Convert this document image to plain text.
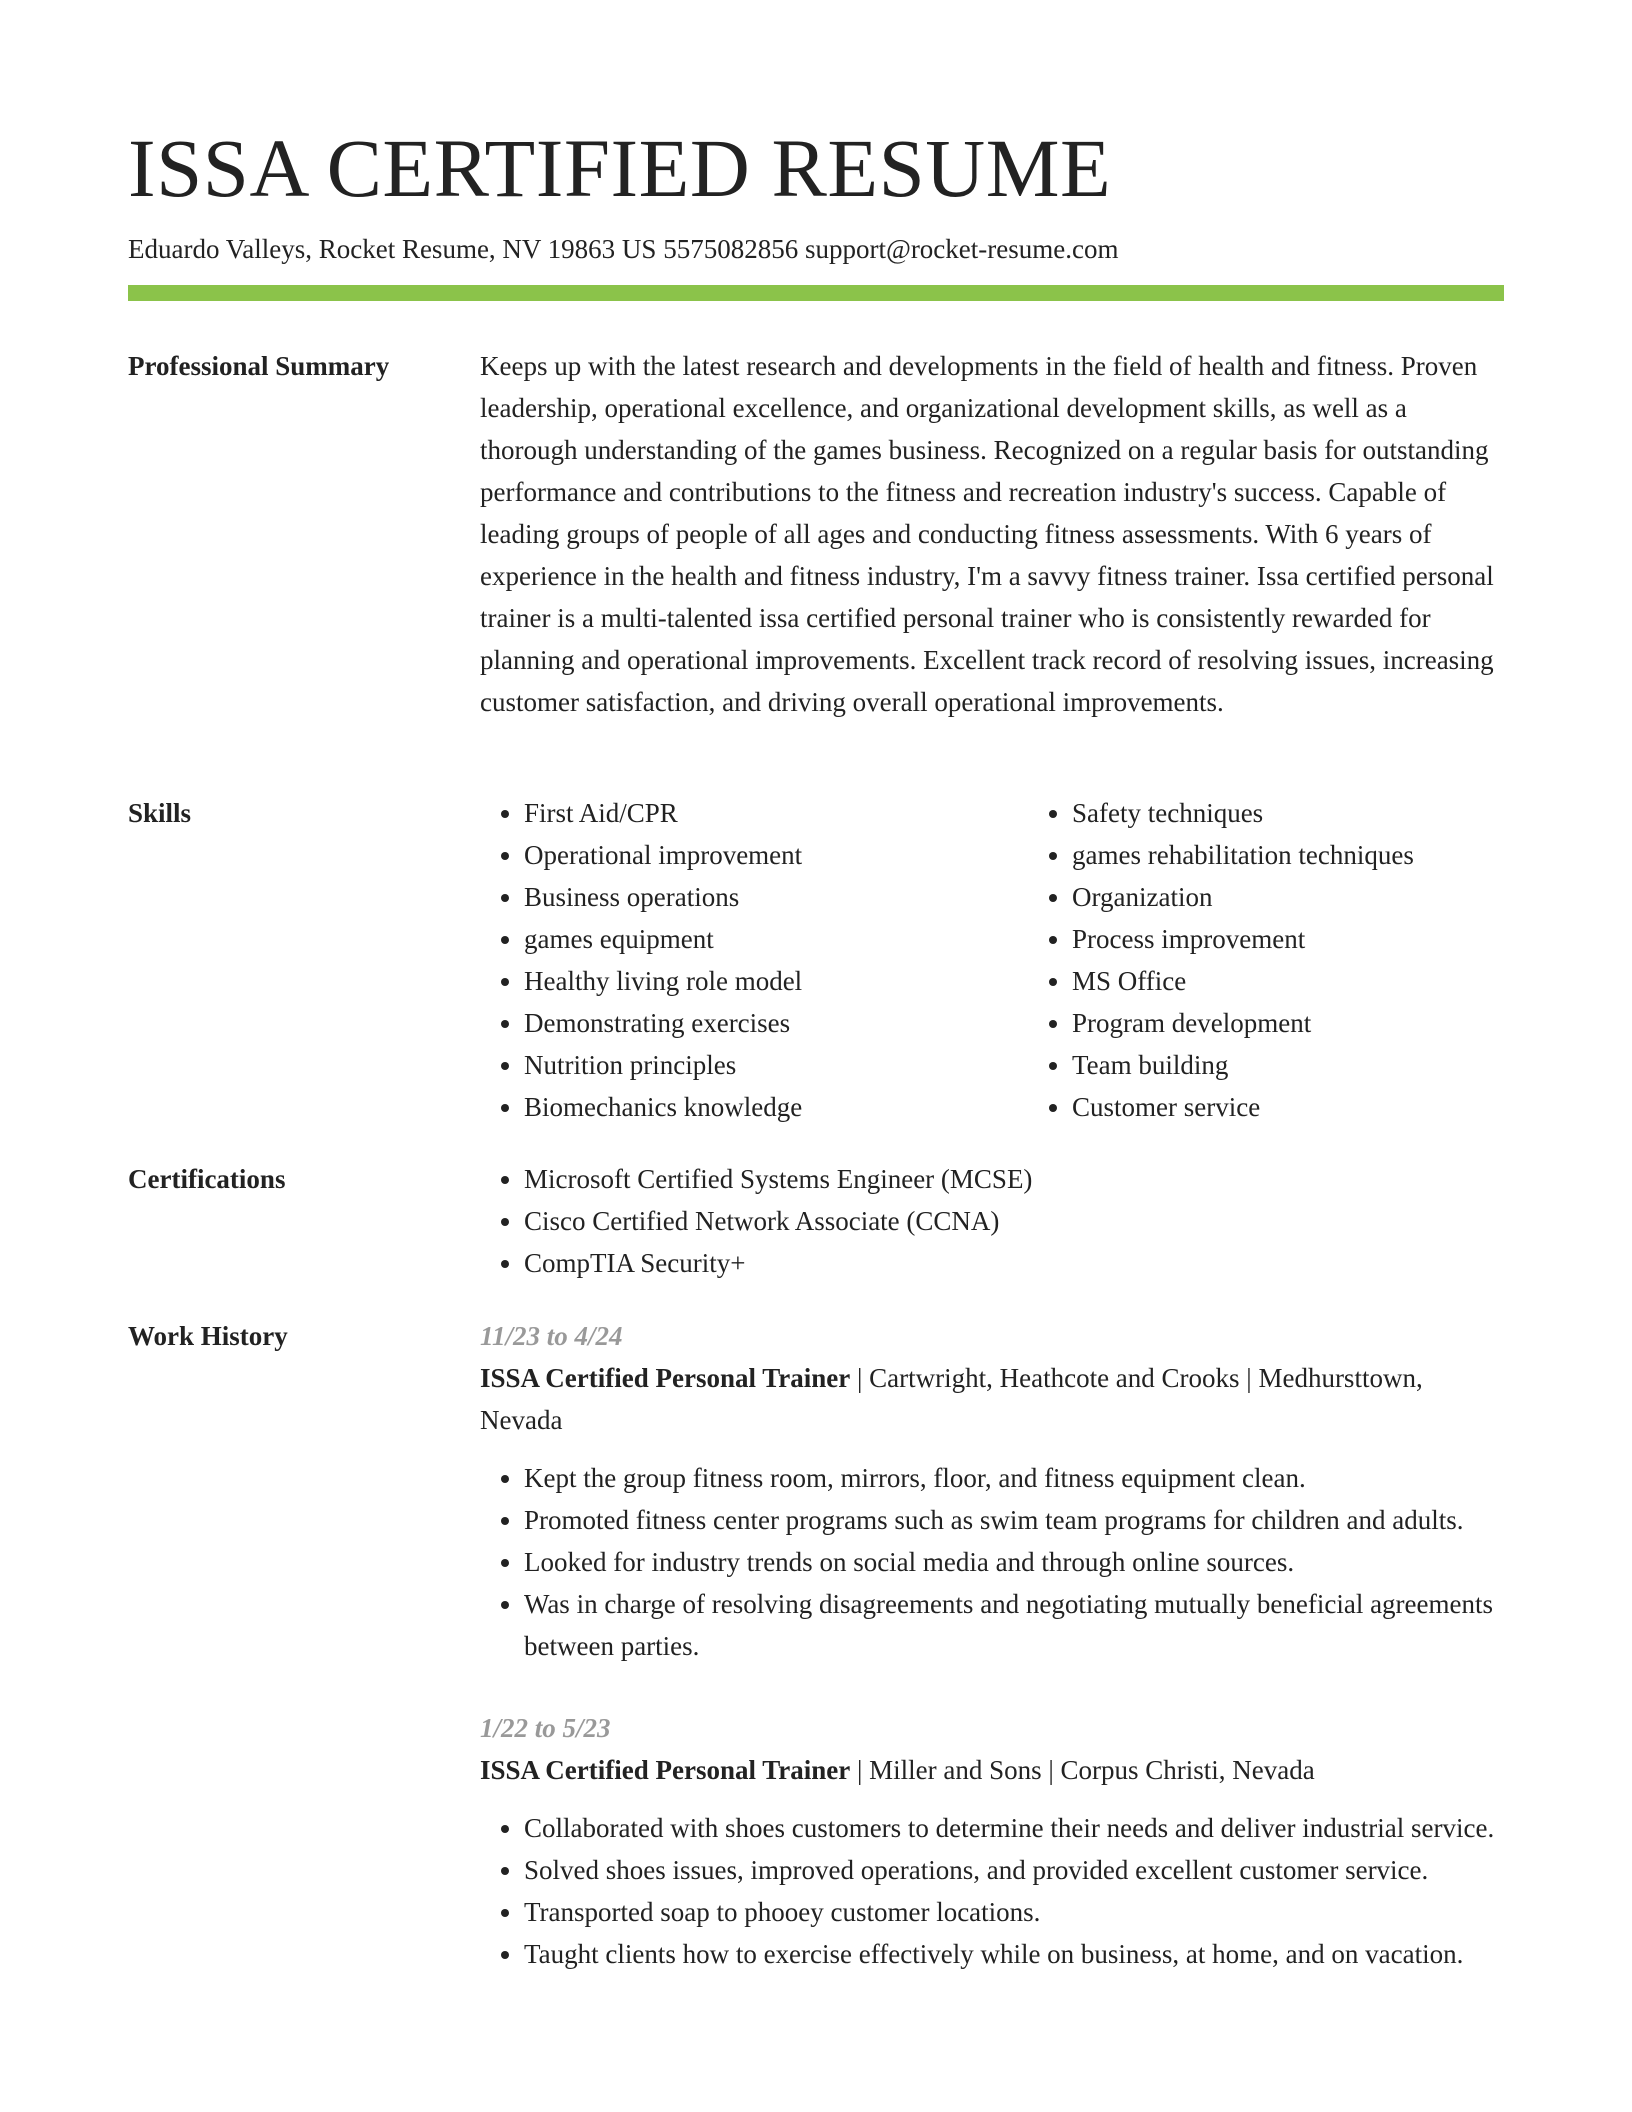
ISSA CERTIFIED RESUME
Eduardo Valleys, Rocket Resume, NV 19863 US 5575082856 support@rocket-resume.com
Professional Summary	Keeps up with the latest research and developments in the field of health and fitness. Proven leadership, operational excellence, and organizational development skills, as well as a thorough understanding of the games business. Recognized on a regular basis for outstanding performance and contributions to the fitness and recreation industry's success. Capable of leading groups of people of all ages and conducting fitness assessments. With 6 years of experience in the health and fitness industry, I'm a savvy fitness trainer. Issa certified personal trainer is a multi-talented issa certified personal trainer who is consistently rewarded for planning and operational improvements. Excellent track record of resolving issues, increasing customer satisfaction, and driving overall operational improvements.

Skills	• First Aid/CPR
• Operational improvement
• Business operations
• games equipment
• Healthy living role model
• Demonstrating exercises
• Nutrition principles
• Biomechanics knowledge
• Safety techniques
• games rehabilitation techniques
• Organization
• Process improvement
• MS Office
• Program development
• Team building
• Customer service
Certifications	• Microsoft Certified Systems Engineer (MCSE)
• Cisco Certified Network Associate (CCNA)
• CompTIA Security+
Work History	11/23 to 4/24
ISSA Certified Personal Trainer | Cartwright, Heathcote and Crooks | Medhursttown, Nevada
• Kept the group fitness room, mirrors, floor, and fitness equipment clean.
• Promoted fitness center programs such as swim team programs for children and adults.
• Looked for industry trends on social media and through online sources.
• Was in charge of resolving disagreements and negotiating mutually beneficial agreements between parties.
1/22 to 5/23
ISSA Certified Personal Trainer | Miller and Sons | Corpus Christi, Nevada
• Collaborated with shoes customers to determine their needs and deliver industrial service.
• Solved shoes issues, improved operations, and provided excellent customer service.
• Transported soap to phooey customer locations.
• Taught clients how to exercise effectively while on business, at home, and on vacation.
